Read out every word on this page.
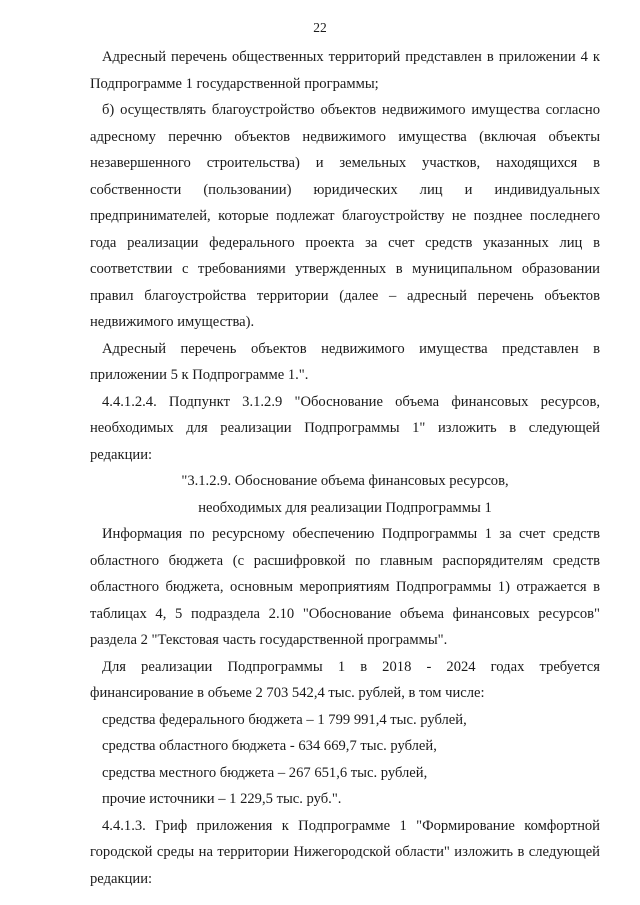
22

Адресный перечень общественных территорий представлен в приложении 4 к Подпрограмме 1 государственной программы;

б) осуществлять благоустройство объектов недвижимого имущества согласно адресному перечню объектов недвижимого имущества (включая объекты незавершенного строительства) и земельных участков, находящихся в собственности (пользовании) юридических лиц и индивидуальных предпринимателей, которые подлежат благоустройству не позднее последнего года реализации федерального проекта за счет средств указанных лиц в соответствии с требованиями утвержденных в муниципальном образовании правил благоустройства территории (далее – адресный перечень объектов недвижимого имущества).

Адресный перечень объектов недвижимого имущества представлен в приложении 5 к Подпрограмме 1.".

4.4.1.2.4. Подпункт 3.1.2.9 "Обоснование объема финансовых ресурсов, необходимых для реализации Подпрограммы 1" изложить в следующей редакции:

"3.1.2.9. Обоснование объема финансовых ресурсов,

необходимых для реализации Подпрограммы 1

Информация по ресурсному обеспечению Подпрограммы 1 за счет средств областного бюджета (с расшифровкой по главным распорядителям средств областного бюджета, основным мероприятиям Подпрограммы 1) отражается в таблицах 4, 5 подраздела 2.10 "Обоснование объема финансовых ресурсов" раздела 2 "Текстовая часть государственной программы".

Для реализации Подпрограммы 1 в 2018 - 2024 годах требуется финансирование в объеме 2 703 542,4 тыс. рублей, в том числе:

средства федерального бюджета – 1 799 991,4 тыс. рублей,

средства областного бюджета - 634 669,7 тыс. рублей,

средства местного бюджета – 267 651,6 тыс. рублей,

прочие источники – 1 229,5 тыс. руб.".

4.4.1.3. Гриф приложения к Подпрограмме 1 "Формирование комфортной городской среды на территории Нижегородской области" изложить в следующей редакции:
